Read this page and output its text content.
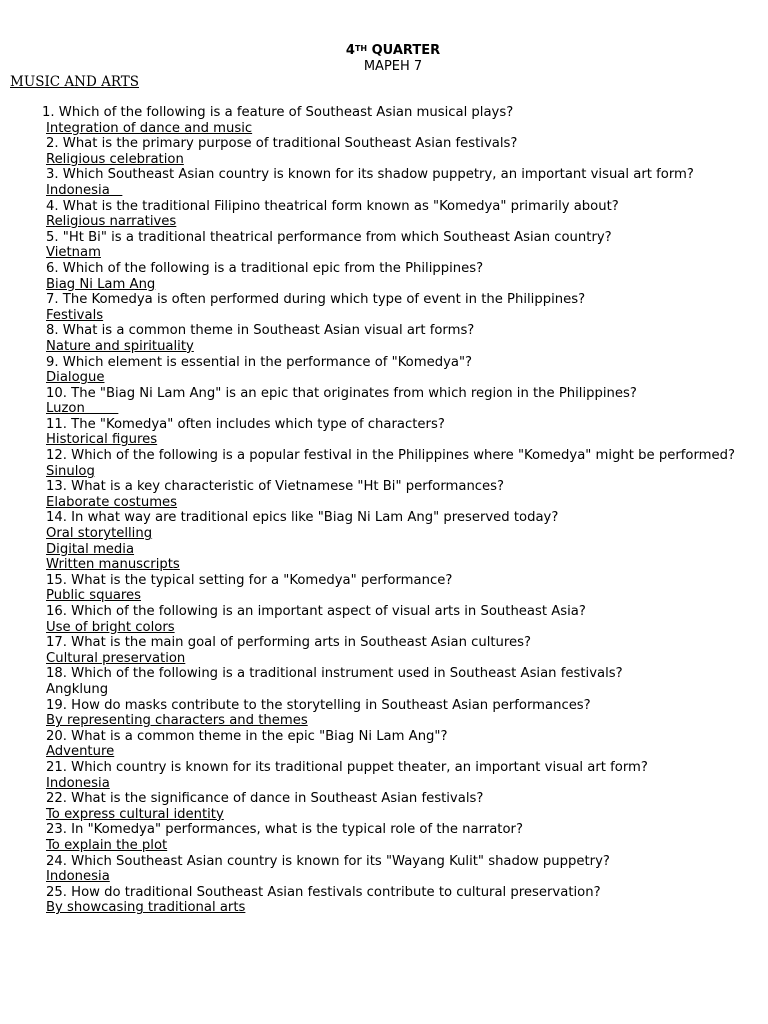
4TH QUARTER
MAPEH 7
MUSIC AND ARTS
1. Which of the following is a feature of Southeast Asian musical plays?
Integration of dance and music
2. What is the primary purpose of traditional Southeast Asian festivals?
Religious celebration
3. Which Southeast Asian country is known for its shadow puppetry, an important visual art form?
Indonesia
4. What is the traditional Filipino theatrical form known as "Komedya" primarily about?
Religious narratives
5. "Ht Bi" is a traditional theatrical performance from which Southeast Asian country?
Vietnam
6. Which of the following is a traditional epic from the Philippines?
Biag Ni Lam Ang
7. The Komedya is often performed during which type of event in the Philippines?
Festivals
8. What is a common theme in Southeast Asian visual art forms?
Nature and spirituality
9. Which element is essential in the performance of "Komedya"?
Dialogue
10. The "Biag Ni Lam Ang" is an epic that originates from which region in the Philippines?
Luzon
11. The "Komedya" often includes which type of characters?
Historical figures
12. Which of the following is a popular festival in the Philippines where "Komedya" might be performed?
Sinulog
13. What is a key characteristic of Vietnamese "Ht Bi" performances?
Elaborate costumes
14. In what way are traditional epics like "Biag Ni Lam Ang" preserved today?
Oral storytelling
Digital media
Written manuscripts
15. What is the typical setting for a "Komedya" performance?
Public squares
16. Which of the following is an important aspect of visual arts in Southeast Asia?
Use of bright colors
17. What is the main goal of performing arts in Southeast Asian cultures?
Cultural preservation
18. Which of the following is a traditional instrument used in Southeast Asian festivals?
Angklung
19. How do masks contribute to the storytelling in Southeast Asian performances?
By representing characters and themes
20. What is a common theme in the epic "Biag Ni Lam Ang"?
Adventure
21. Which country is known for its traditional puppet theater, an important visual art form?
Indonesia
22. What is the significance of dance in Southeast Asian festivals?
To express cultural identity
23. In "Komedya" performances, what is the typical role of the narrator?
To explain the plot
24. Which Southeast Asian country is known for its "Wayang Kulit" shadow puppetry?
Indonesia
25. How do traditional Southeast Asian festivals contribute to cultural preservation?
By showcasing traditional arts
